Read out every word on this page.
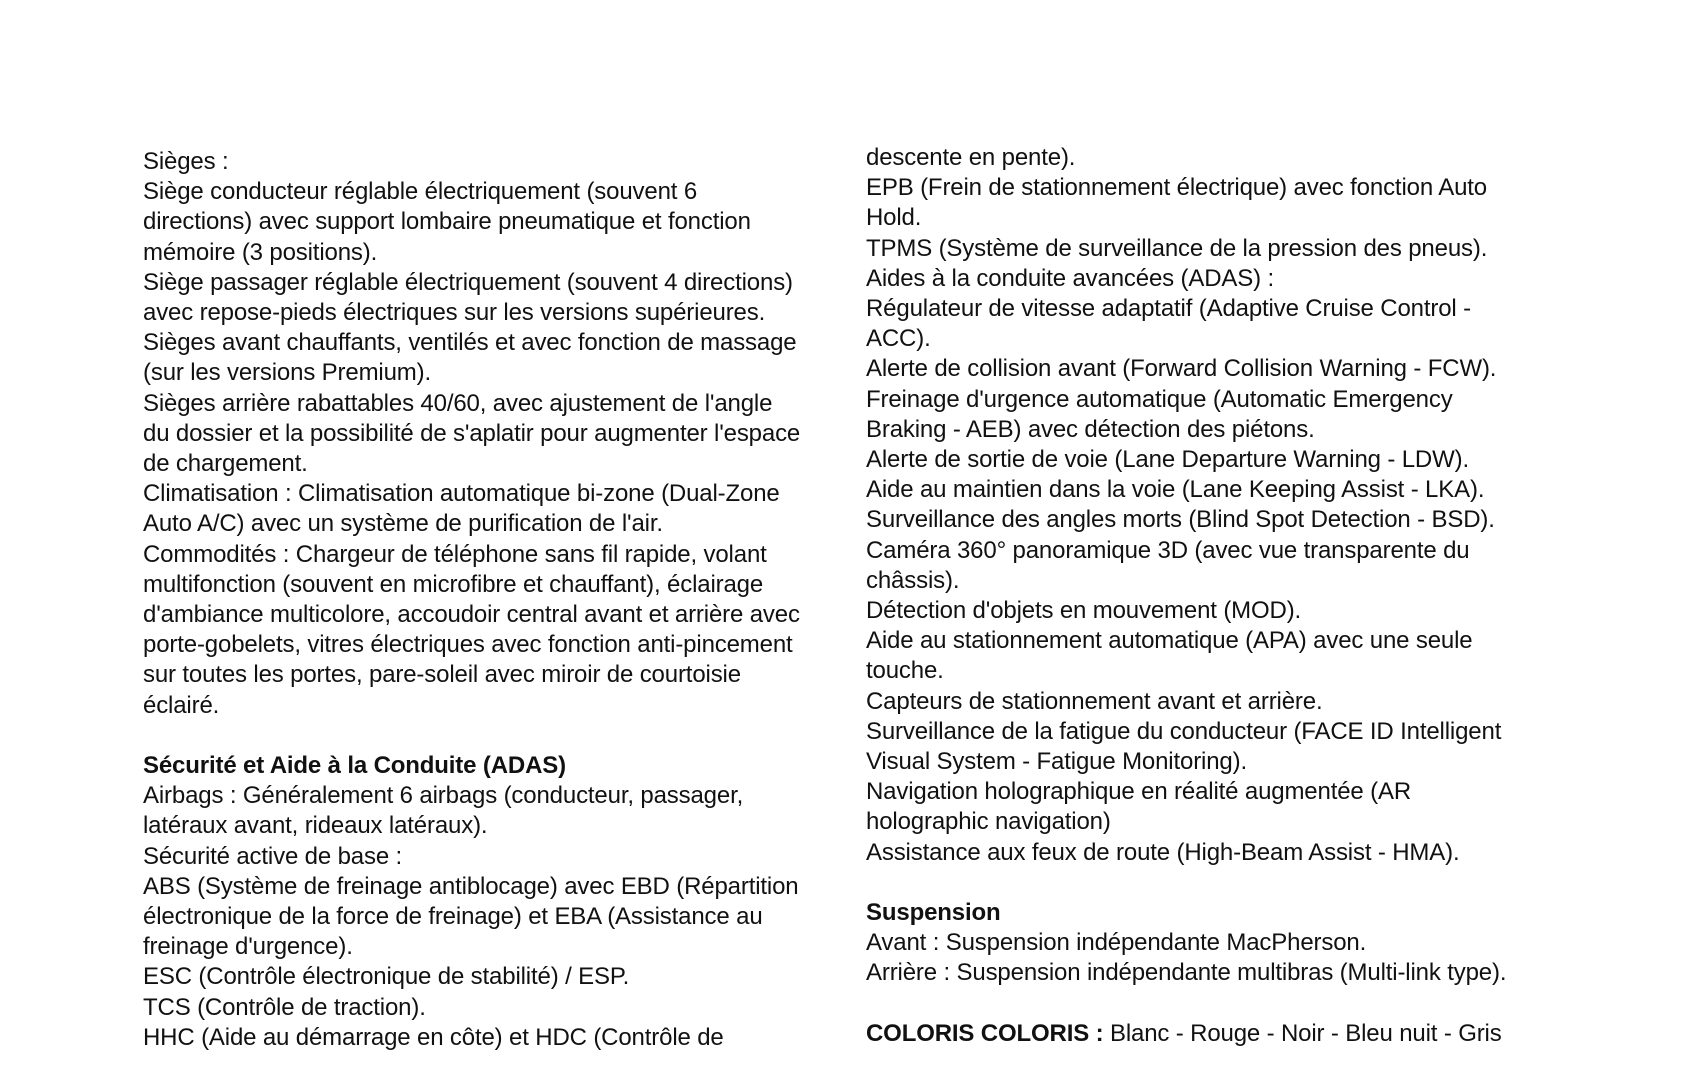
Sièges :
Siège conducteur réglable électriquement (souvent 6
directions) avec support lombaire pneumatique et fonction
mémoire (3 positions).
Siège passager réglable électriquement (souvent 4 directions)
avec repose-pieds électriques sur les versions supérieures.
Sièges avant chauffants, ventilés et avec fonction de massage
(sur les versions Premium).
Sièges arrière rabattables 40/60, avec ajustement de l'angle
du dossier et la possibilité de s'aplatir pour augmenter l'espace
de chargement.
Climatisation : Climatisation automatique bi-zone (Dual-Zone
Auto A/C) avec un système de purification de l'air.
Commodités : Chargeur de téléphone sans fil rapide, volant
multifonction (souvent en microfibre et chauffant), éclairage
d'ambiance multicolore, accoudoir central avant et arrière avec
porte-gobelets, vitres électriques avec fonction anti-pincement
sur toutes les portes, pare-soleil avec miroir de courtoisie
éclairé.
Sécurité et Aide à la Conduite (ADAS)
Airbags : Généralement 6 airbags (conducteur, passager,
latéraux avant, rideaux latéraux).
Sécurité active de base :
ABS (Système de freinage antiblocage) avec EBD (Répartition
électronique de la force de freinage) et EBA (Assistance au
freinage d'urgence).
ESC (Contrôle électronique de stabilité) / ESP.
TCS (Contrôle de traction).
HHC (Aide au démarrage en côte) et HDC (Contrôle de
descente en pente).
EPB (Frein de stationnement électrique) avec fonction Auto
Hold.
TPMS (Système de surveillance de la pression des pneus).
Aides à la conduite avancées (ADAS) :
Régulateur de vitesse adaptatif (Adaptive Cruise Control -
ACC).
Alerte de collision avant (Forward Collision Warning - FCW).
Freinage d'urgence automatique (Automatic Emergency
Braking - AEB) avec détection des piétons.
Alerte de sortie de voie (Lane Departure Warning - LDW).
Aide au maintien dans la voie (Lane Keeping Assist - LKA).
Surveillance des angles morts (Blind Spot Detection - BSD).
Caméra 360° panoramique 3D (avec vue transparente du
châssis).
Détection d'objets en mouvement (MOD).
Aide au stationnement automatique (APA) avec une seule
touche.
Capteurs de stationnement avant et arrière.
Surveillance de la fatigue du conducteur (FACE ID Intelligent
Visual System - Fatigue Monitoring).
Navigation holographique en réalité augmentée (AR
holographic navigation)
Assistance aux feux de route (High-Beam Assist - HMA).
Suspension
Avant : Suspension indépendante MacPherson.
Arrière : Suspension indépendante multibras (Multi-link type).
COLORIS COLORIS : Blanc - Rouge - Noir - Bleu nuit - Gris
